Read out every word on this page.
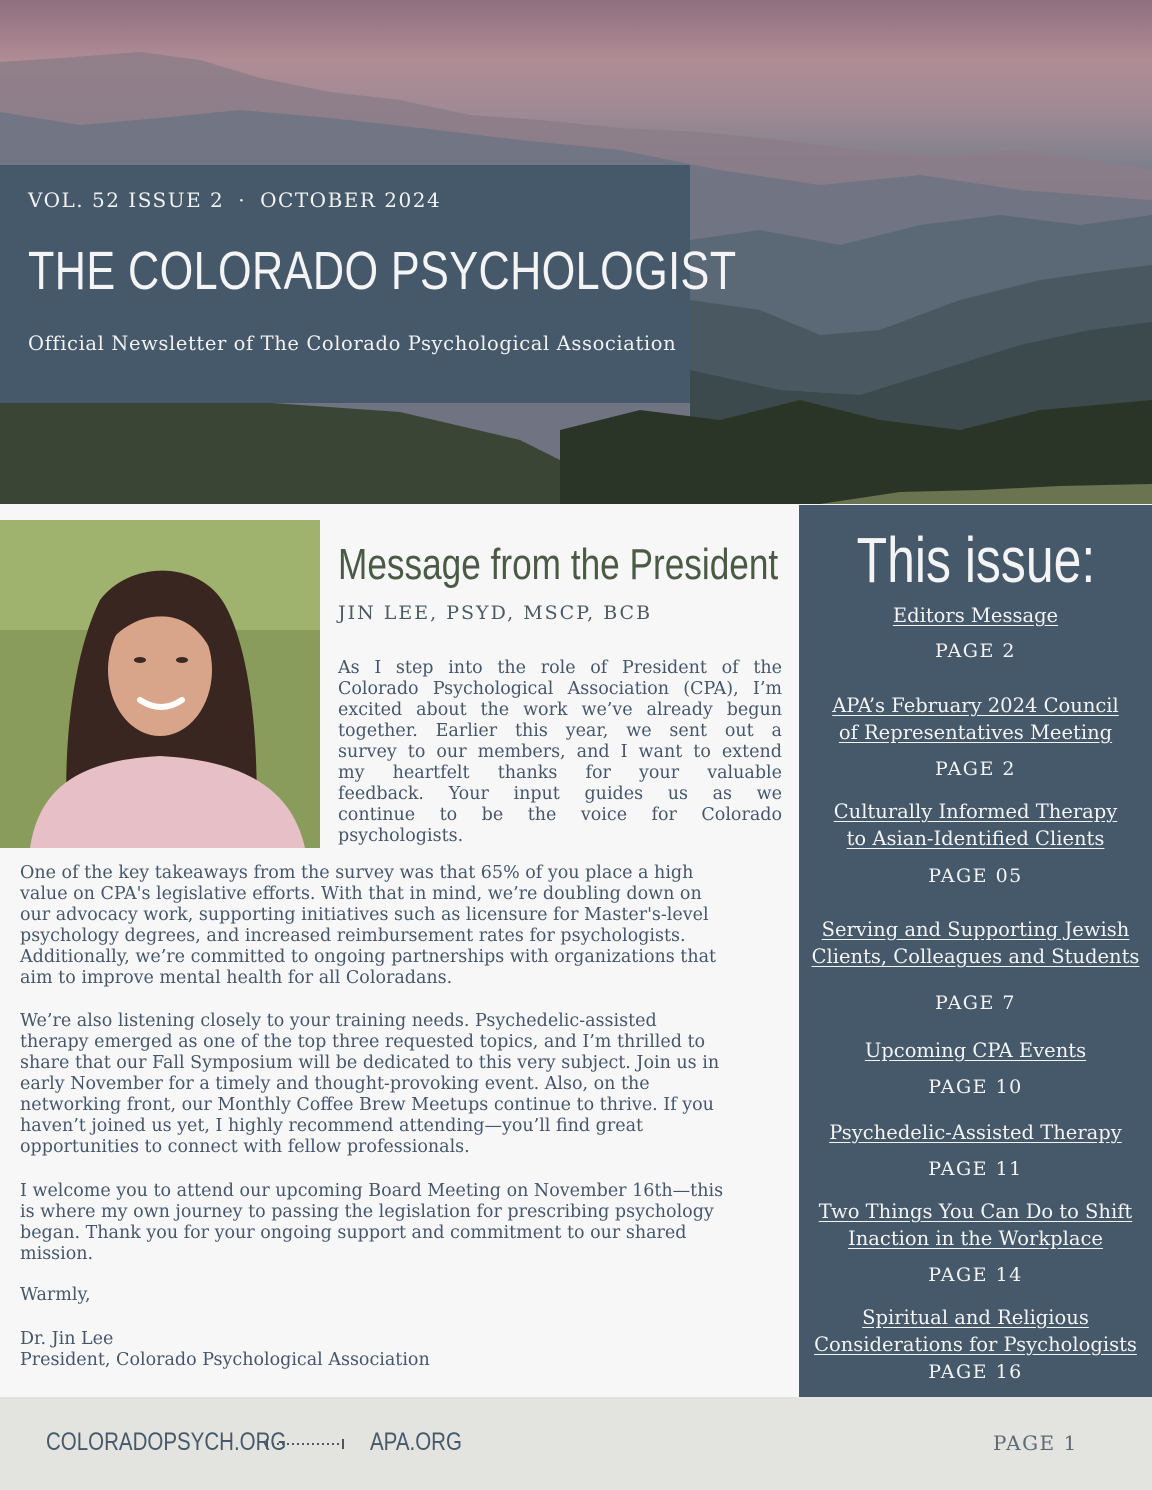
VOL. 52 ISSUE 2 · OCTOBER 2024
THE COLORADO PSYCHOLOGIST
Official Newsletter of The Colorado Psychological Association
Message from the President
JIN LEE, PSYD, MSCP, BCB
As I step into the role of President of the
Colorado Psychological Association (CPA), I’m
excited about the work we’ve already begun
together. Earlier this year, we sent out a
survey to our members, and I want to extend
my heartfelt thanks for your valuable
feedback. Your input guides us as we
continue to be the voice for Colorado
psychologists.
One of the key takeaways from the survey was that 65% of you place a high
value on CPA's legislative efforts. With that in mind, we’re doubling down on
our advocacy work, supporting initiatives such as licensure for Master's-level
psychology degrees, and increased reimbursement rates for psychologists.
Additionally, we’re committed to ongoing partnerships with organizations that
aim to improve mental health for all Coloradans.
We’re also listening closely to your training needs. Psychedelic-assisted
therapy emerged as one of the top three requested topics, and I’m thrilled to
share that our Fall Symposium will be dedicated to this very subject. Join us in
early November for a timely and thought-provoking event. Also, on the
networking front, our Monthly Coffee Brew Meetups continue to thrive. If you
haven’t joined us yet, I highly recommend attending—you’ll find great
opportunities to connect with fellow professionals.
I welcome you to attend our upcoming Board Meeting on November 16th—this
is where my own journey to passing the legislation for prescribing psychology
began. Thank you for your ongoing support and commitment to our shared
mission.
Warmly,
Dr. Jin Lee
President, Colorado Psychological Association
This issue:
Editors Message
PAGE 2
APA’s February 2024 Council
of Representatives Meeting
PAGE 2
Culturally Informed Therapy
to Asian-Identified Clients
PAGE 05
Serving and Supporting Jewish
Clients, Colleagues and Students
PAGE 7
Upcoming CPA Events
PAGE 10
Psychedelic-Assisted Therapy
PAGE 11
Two Things You Can Do to Shift
Inaction in the Workplace
PAGE 14
Spiritual and Religious
Considerations for Psychologists
PAGE 16
COLORADOPSYCH.ORG	APA.ORG	PAGE 1
